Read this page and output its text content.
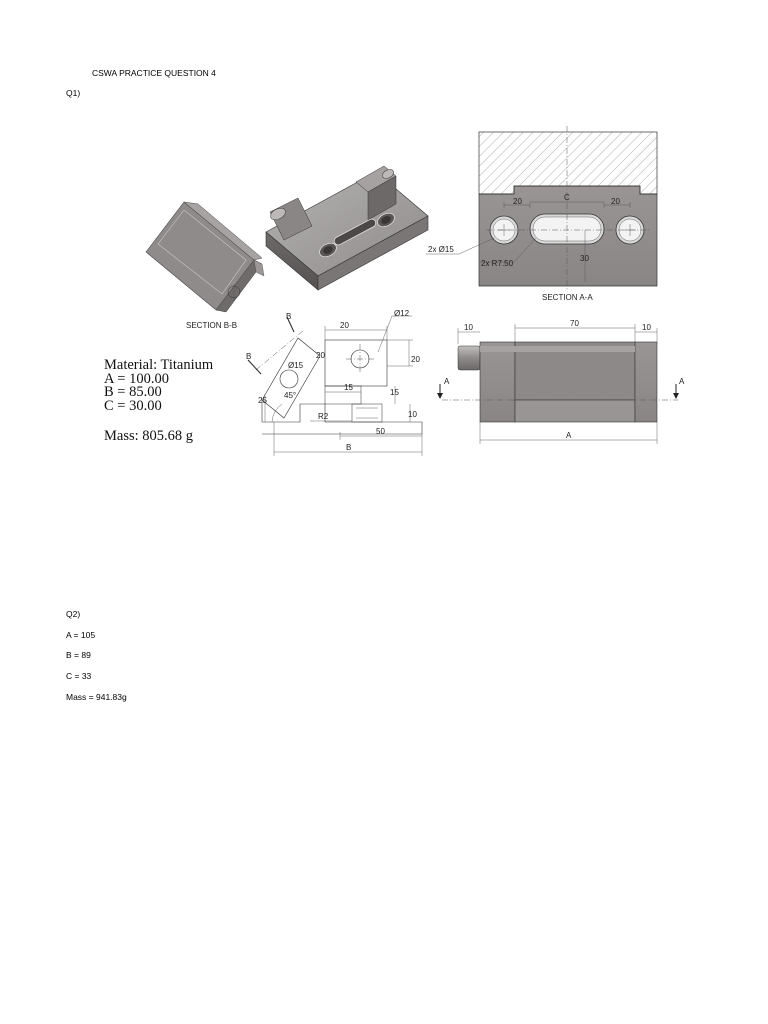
CSWA PRACTICE QUESTION 4
Q1)
SECTION B-B
20	C	20
30
2x Ø15
2x R7.50
SECTION A-A
Material: Titanium
A = 100.00
B = 85.00
C = 30.00
Mass: 805.68 g
20
Ø12
20
20
Ø15
15
15
25
45°
R2	10
50
B
B
B
10	70	10
A
A	A
Q2)
A = 105
B = 89
C = 33
Mass = 941.83g
